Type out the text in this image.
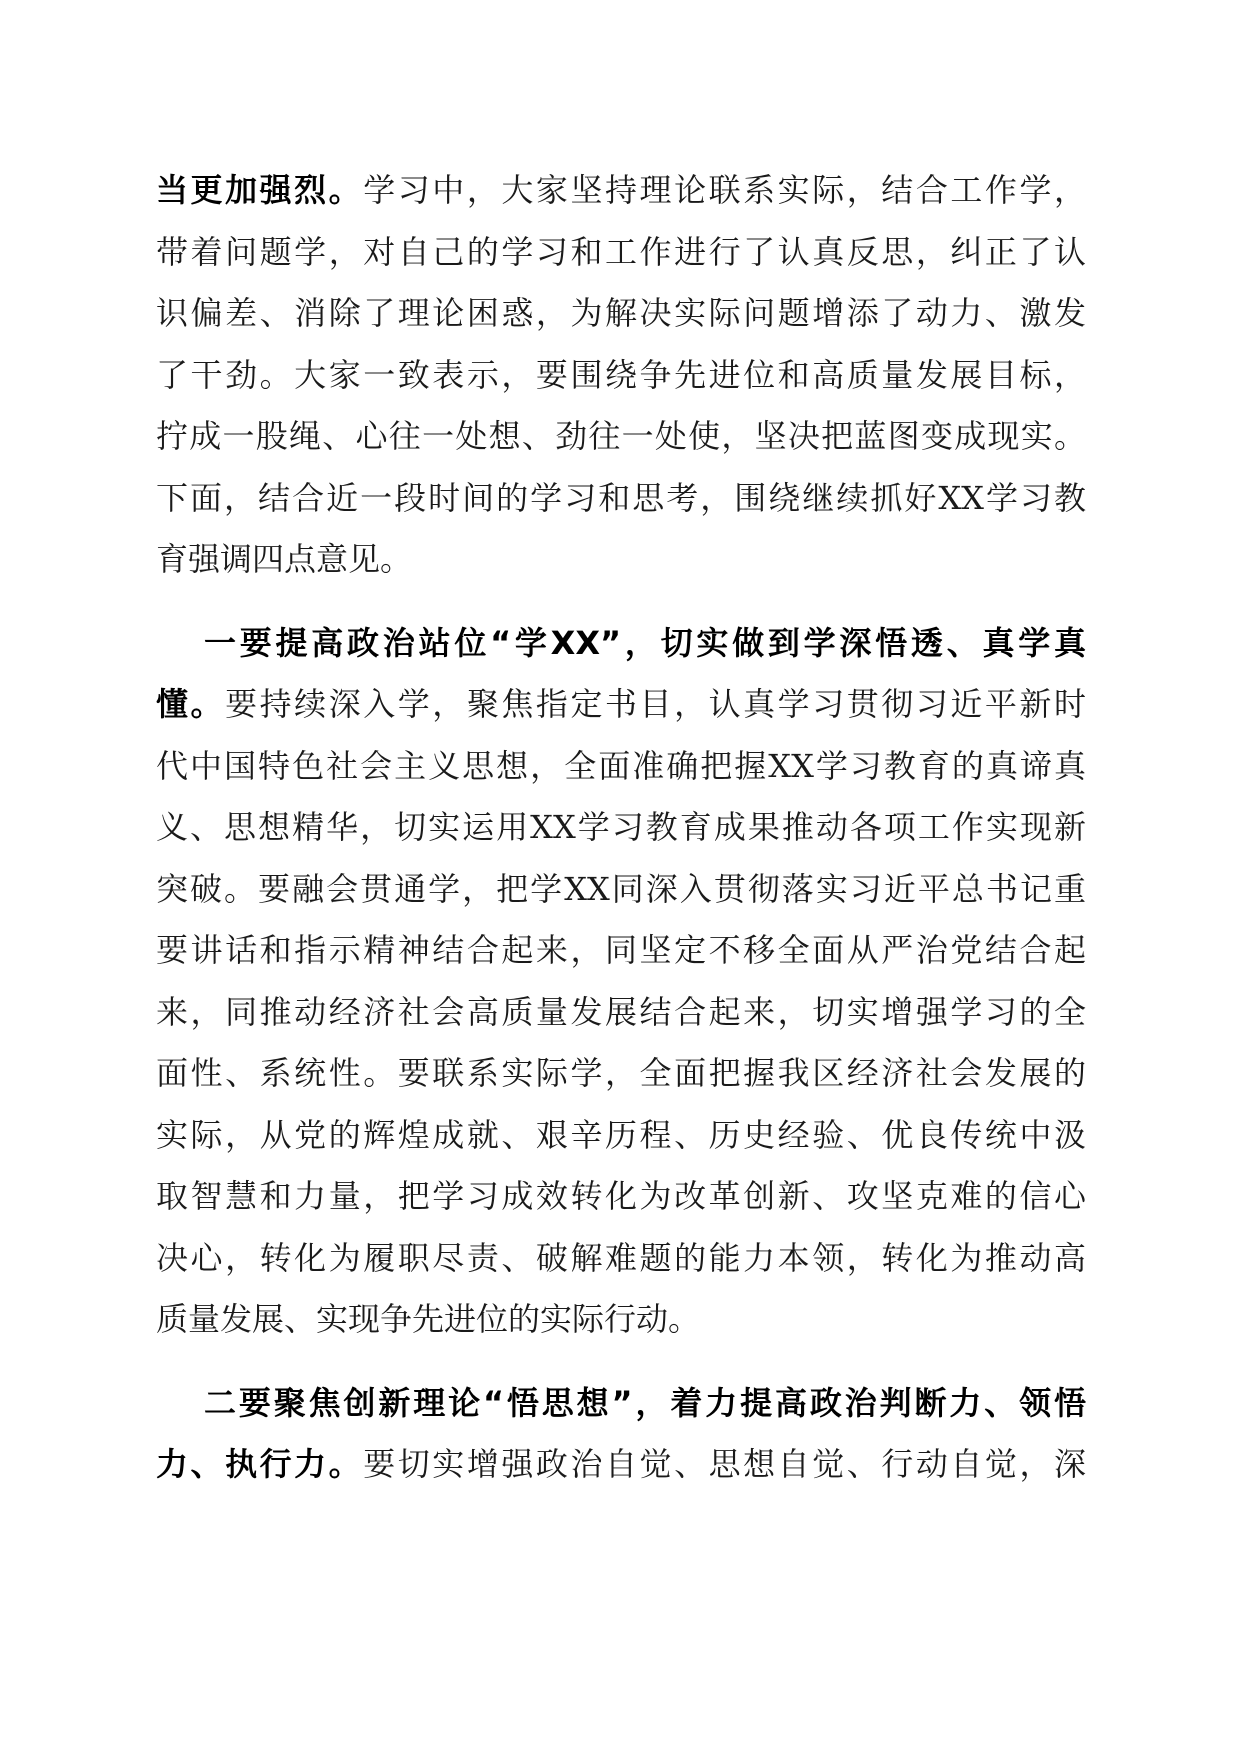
当更加强烈。学习中，大家坚持理论联系实际，结合工作学，
带着问题学，对自己的学习和工作进行了认真反思，纠正了认
识偏差、消除了理论困惑，为解决实际问题增添了动力、激发
了干劲。大家一致表示，要围绕争先进位和高质量发展目标，
拧成一股绳、心往一处想、劲往一处使，坚决把蓝图变成现实。
下面，结合近一段时间的学习和思考，围绕继续抓好XX学习教
育强调四点意见。
一要提高政治站位“学XX”，切实做到学深悟透、真学真
懂。要持续深入学，聚焦指定书目，认真学习贯彻习近平新时
代中国特色社会主义思想，全面准确把握XX学习教育的真谛真
义、思想精华，切实运用XX学习教育成果推动各项工作实现新
突破。要融会贯通学，把学XX同深入贯彻落实习近平总书记重
要讲话和指示精神结合起来，同坚定不移全面从严治党结合起
来，同推动经济社会高质量发展结合起来，切实增强学习的全
面性、系统性。要联系实际学，全面把握我区经济社会发展的
实际，从党的辉煌成就、艰辛历程、历史经验、优良传统中汲
取智慧和力量，把学习成效转化为改革创新、攻坚克难的信心
决心，转化为履职尽责、破解难题的能力本领，转化为推动高
质量发展、实现争先进位的实际行动。
二要聚焦创新理论“悟思想”，着力提高政治判断力、领悟
力、执行力。要切实增强政治自觉、思想自觉、行动自觉，深
